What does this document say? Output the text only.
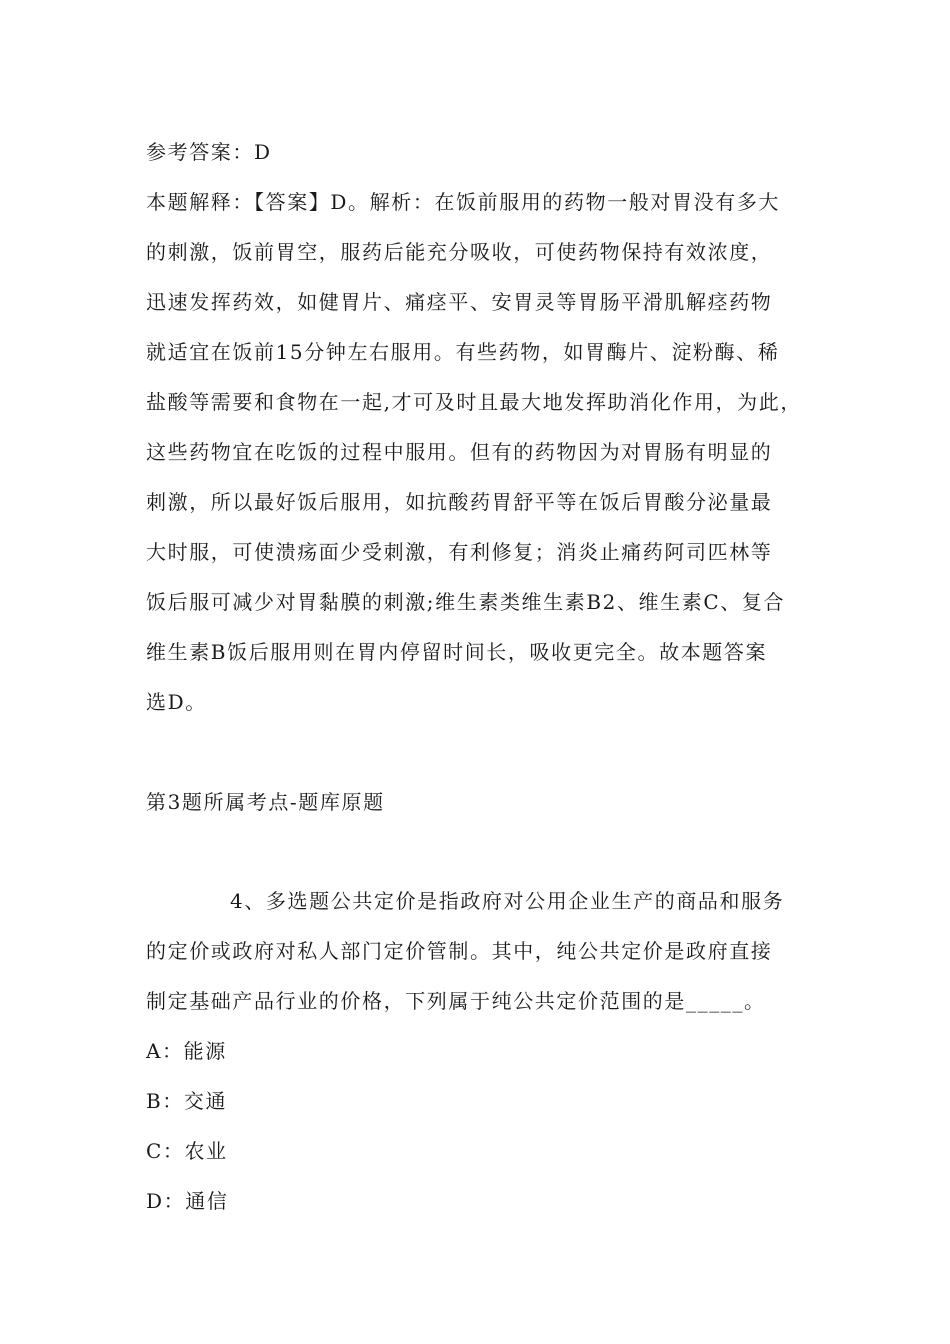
参考答案：D
本题解释：【答案】D。解析：在饭前服用的药物一般对胃没有多大
的刺激，饭前胃空，服药后能充分吸收，可使药物保持有效浓度，
迅速发挥药效，如健胃片、痛痉平、安胃灵等胃肠平滑肌解痉药物
就适宜在饭前15分钟左右服用。有些药物，如胃酶片、淀粉酶、稀
盐酸等需要和食物在一起,才可及时且最大地发挥助消化作用，为此，
这些药物宜在吃饭的过程中服用。但有的药物因为对胃肠有明显的
刺激，所以最好饭后服用，如抗酸药胃舒平等在饭后胃酸分泌量最
大时服，可使溃疡面少受刺激，有利修复；消炎止痛药阿司匹林等
饭后服可减少对胃黏膜的刺激;维生素类维生素B2、维生素C、复合
维生素B饭后服用则在胃内停留时间长，吸收更完全。故本题答案
选D。
第3题所属考点-题库原题
4、多选题公共定价是指政府对公用企业生产的商品和服务
的定价或政府对私人部门定价管制。其中，纯公共定价是政府直接
制定基础产品行业的价格，下列属于纯公共定价范围的是_____。
A：能源
B：交通
C：农业
D：通信
